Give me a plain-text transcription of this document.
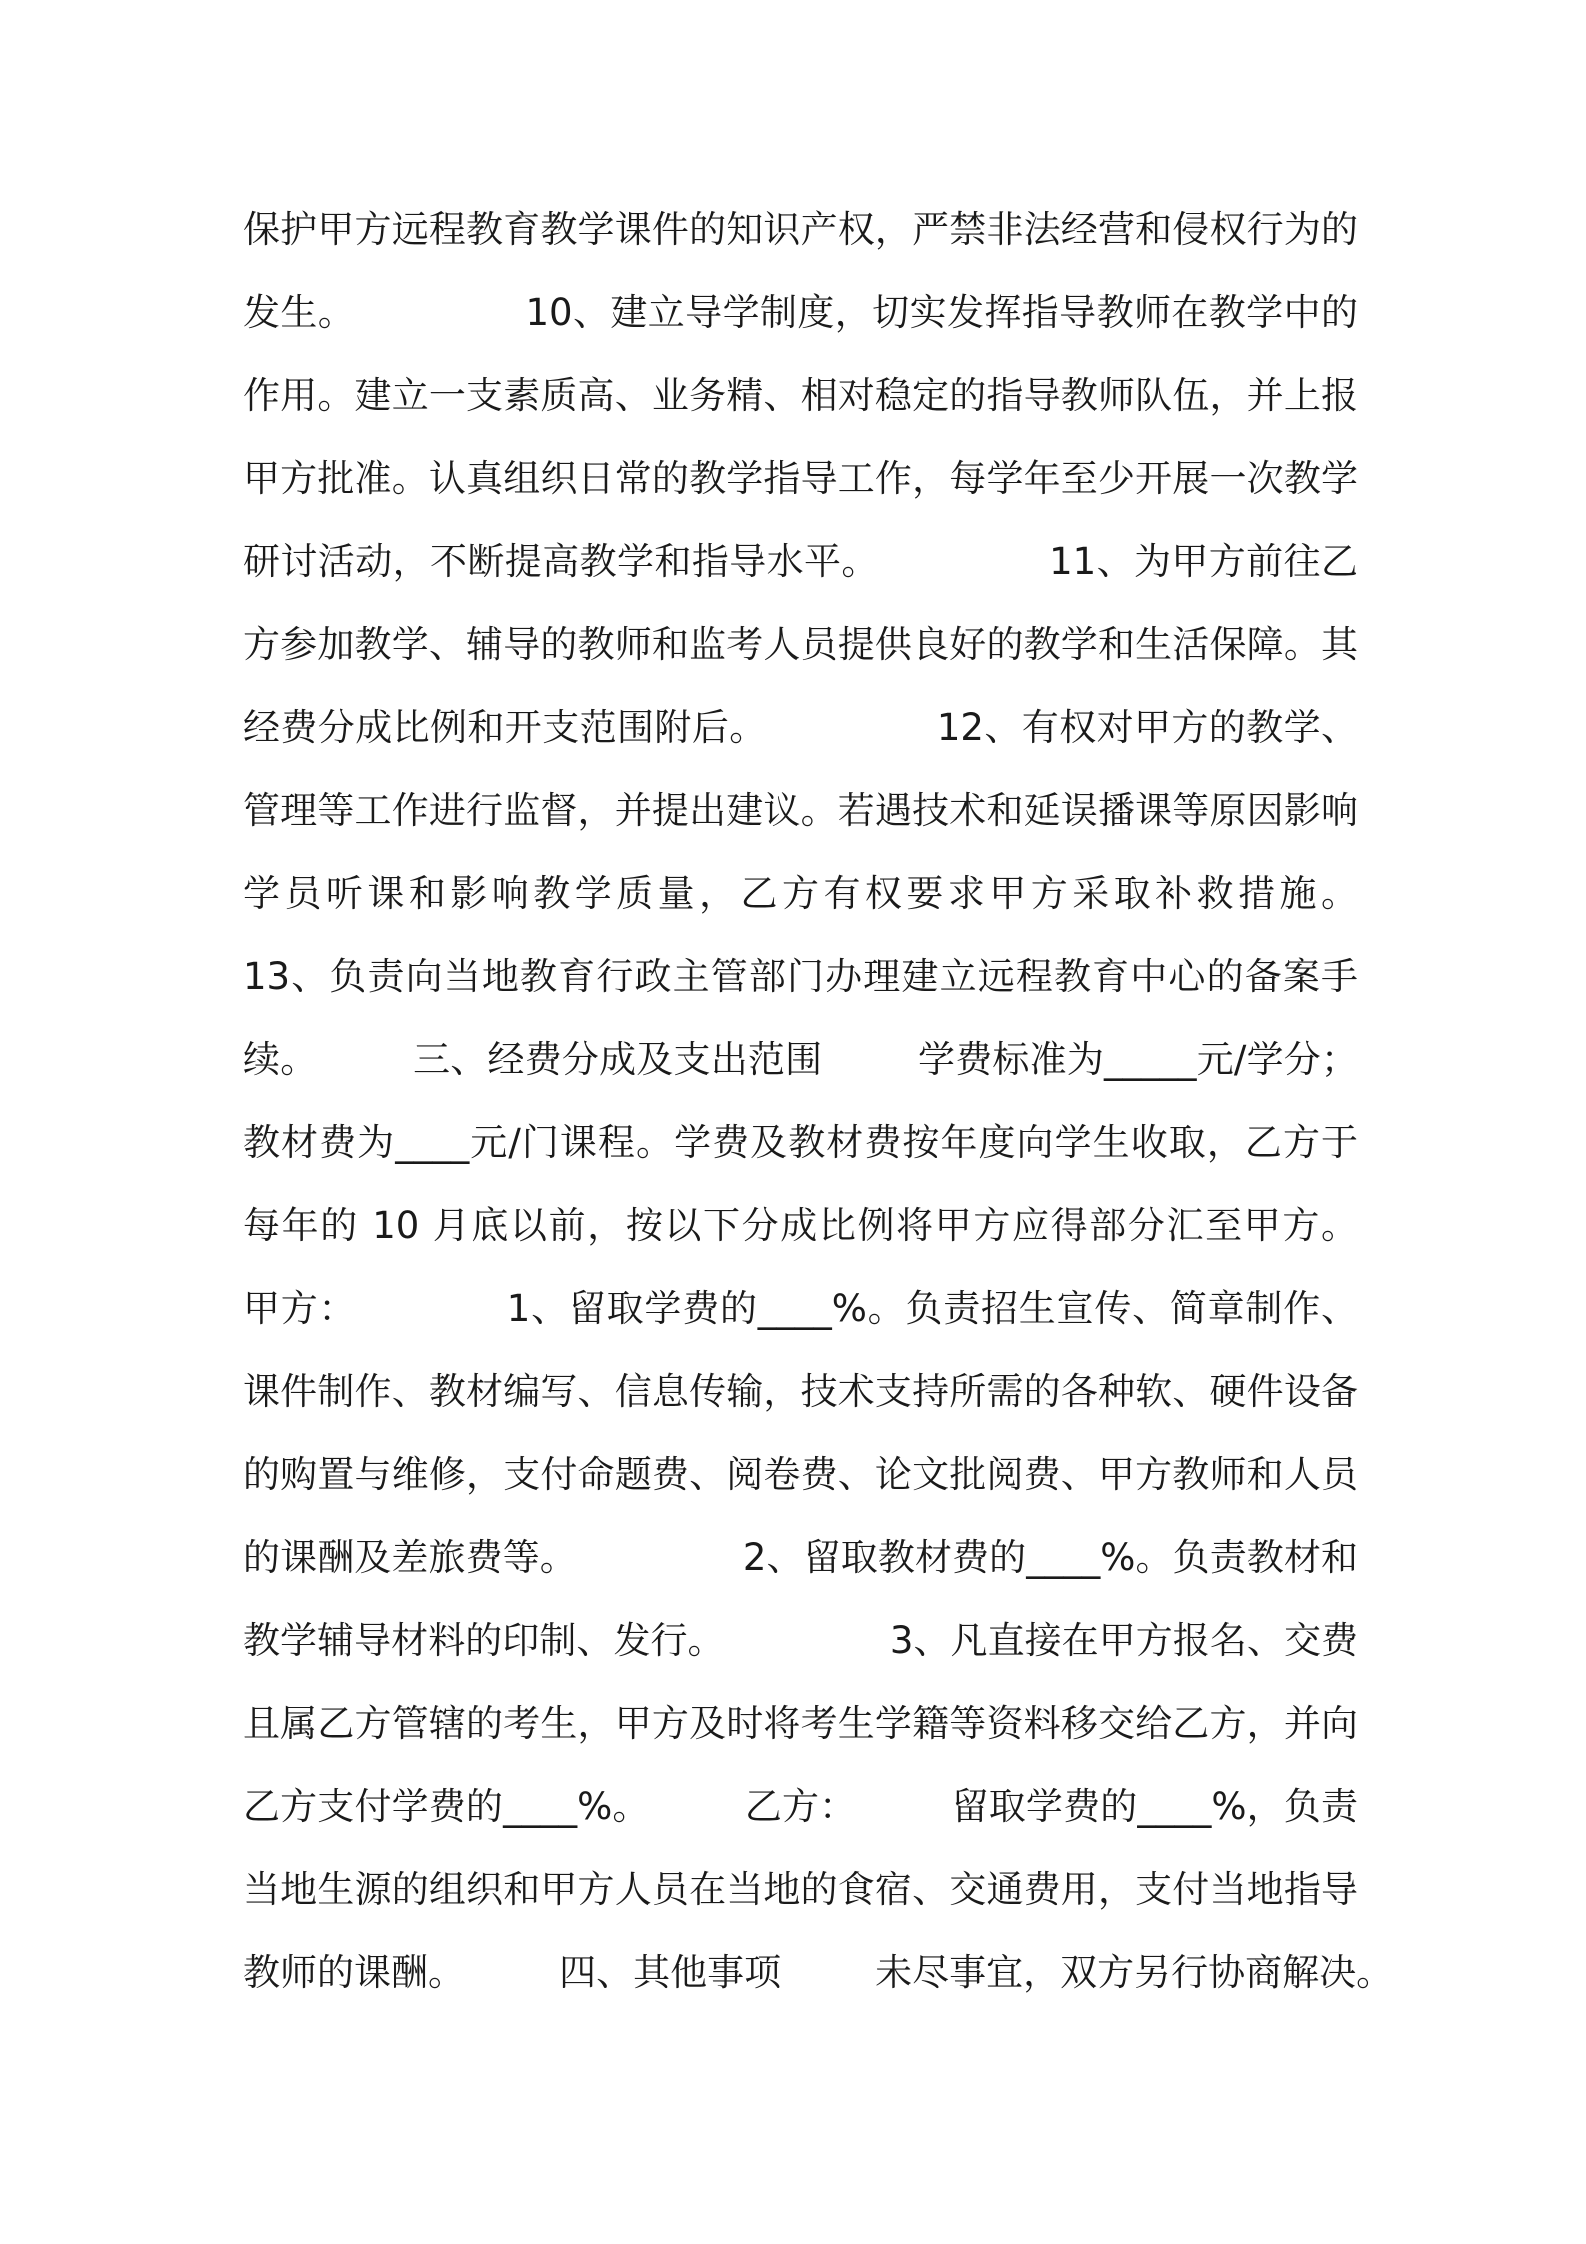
保护甲方远程教育教学课件的知识产权，严禁非法经营和侵权行为的
发生。              10、建立导学制度，切实发挥指导教师在教学中的
作用。建立一支素质高、业务精、相对稳定的指导教师队伍，并上报
甲方批准。认真组织日常的教学指导工作，每学年至少开展一次教学
研讨活动，不断提高教学和指导水平。              11、为甲方前往乙
方参加教学、辅导的教师和监考人员提供良好的教学和生活保障。其
经费分成比例和开支范围附后。              12、有权对甲方的教学、
管理等工作进行监督，并提出建议。若遇技术和延误播课等原因影响
学员听课和影响教学质量，乙方有权要求甲方采取补救措施。
13、负责向当地教育行政主管部门办理建立远程教育中心的备案手
续。        三、经费分成及支出范围        学费标准为_____元/学分；
教材费为____元/门课程。学费及教材费按年度向学生收取，乙方于
每年的 10 月底以前，按以下分成比例将甲方应得部分汇至甲方。
甲方：            1、留取学费的____%。负责招生宣传、简章制作、
课件制作、教材编写、信息传输，技术支持所需的各种软、硬件设备
的购置与维修，支付命题费、阅卷费、论文批阅费、甲方教师和人员
的课酬及差旅费等。              2、留取教材费的____%。负责教材和
教学辅导材料的印制、发行。              3、凡直接在甲方报名、交费
且属乙方管辖的考生，甲方及时将考生学籍等资料移交给乙方，并向
乙方支付学费的____%。        乙方：        留取学费的____%，负责
当地生源的组织和甲方人员在当地的食宿、交通费用，支付当地指导
教师的课酬。        四、其他事项        未尽事宜，双方另行协商解决。
